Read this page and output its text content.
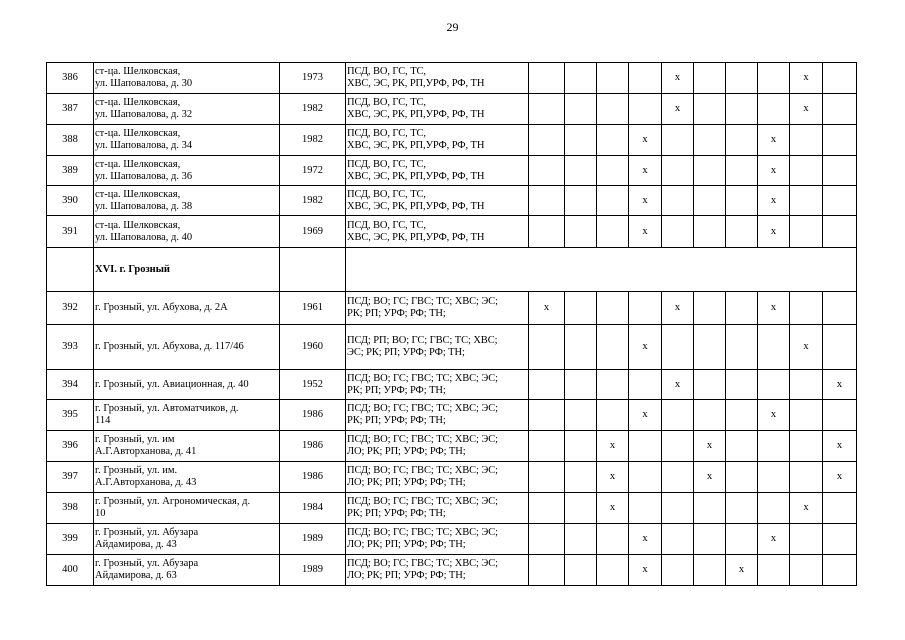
29
386	ст-ца. Шелковская,
ул. Шаповалова, д. 30	1973	ПСД, ВО, ГС, ТС,
ХВС, ЭС, РК, РП,УРФ, РФ, ТН					x				x	
387	ст-ца. Шелковская,
ул. Шаповалова, д. 32	1982	ПСД, ВО, ГС, ТС,
ХВС, ЭС, РК, РП,УРФ, РФ, ТН					x				x	
388	ст-ца. Шелковская,
ул. Шаповалова, д. 34	1982	ПСД, ВО, ГС, ТС,
ХВС, ЭС, РК, РП,УРФ, РФ, ТН				x				x		
389	ст-ца. Шелковская,
ул. Шаповалова, д. 36	1972	ПСД, ВО, ГС, ТС,
ХВС, ЭС, РК, РП,УРФ, РФ, ТН				x				x		
390	ст-ца. Шелковская,
ул. Шаповалова, д. 38	1982	ПСД, ВО, ГС, ТС,
ХВС, ЭС, РК, РП,УРФ, РФ, ТН				x				x		
391	ст-ца. Шелковская,
ул. Шаповалова, д. 40	1969	ПСД, ВО, ГС, ТС,
ХВС, ЭС, РК, РП,УРФ, РФ, ТН				x				x		
	XVI. г. Грозный												
392	г. Грозный, ул. Абухова, д. 2А	1961	ПСД; ВО; ГС; ГВС; ТС; ХВС; ЭС;
РК; РП; УРФ; РФ; ТН;	x				x			x		
393	г. Грозный, ул. Абухова, д. 117/46	1960	ПСД; РП; ВО; ГС; ГВС; ТС; ХВС;
ЭС; РК; РП; УРФ; РФ; ТН;				x					x	
394	г. Грозный, ул. Авиационная, д. 40	1952	ПСД; ВО; ГС; ГВС; ТС; ХВС; ЭС;
РК; РП; УРФ; РФ; ТН;					x					x
395	г. Грозный, ул. Автоматчиков, д.
114	1986	ПСД; ВО; ГС; ГВС; ТС; ХВС; ЭС;
РК; РП; УРФ; РФ; ТН;				x				x		
396	г. Грозный, ул. им
А.Г.Авторханова, д. 41	1986	ПСД; ВО; ГС; ГВС; ТС; ХВС; ЭС;
ЛО; РК; РП; УРФ; РФ; ТН;			x			x				x
397	г. Грозный, ул. им.
А.Г.Авторханова, д. 43	1986	ПСД; ВО; ГС; ГВС; ТС; ХВС; ЭС;
ЛО; РК; РП; УРФ; РФ; ТН;			x			x				x
398	г. Грозный, ул. Агрономическая, д.
10	1984	ПСД; ВО; ГС; ГВС; ТС; ХВС; ЭС;
РК; РП; УРФ; РФ; ТН;			x						x	
399	г. Грозный, ул. Абузара
Айдамирова, д. 43	1989	ПСД; ВО; ГС; ГВС; ТС; ХВС; ЭС;
ЛО; РК; РП; УРФ; РФ; ТН;				x				x		
400	г. Грозный, ул. Абузара
Айдамирова, д. 63	1989	ПСД; ВО; ГС; ГВС; ТС; ХВС; ЭС;
ЛО; РК; РП; УРФ; РФ; ТН;				x			x			
